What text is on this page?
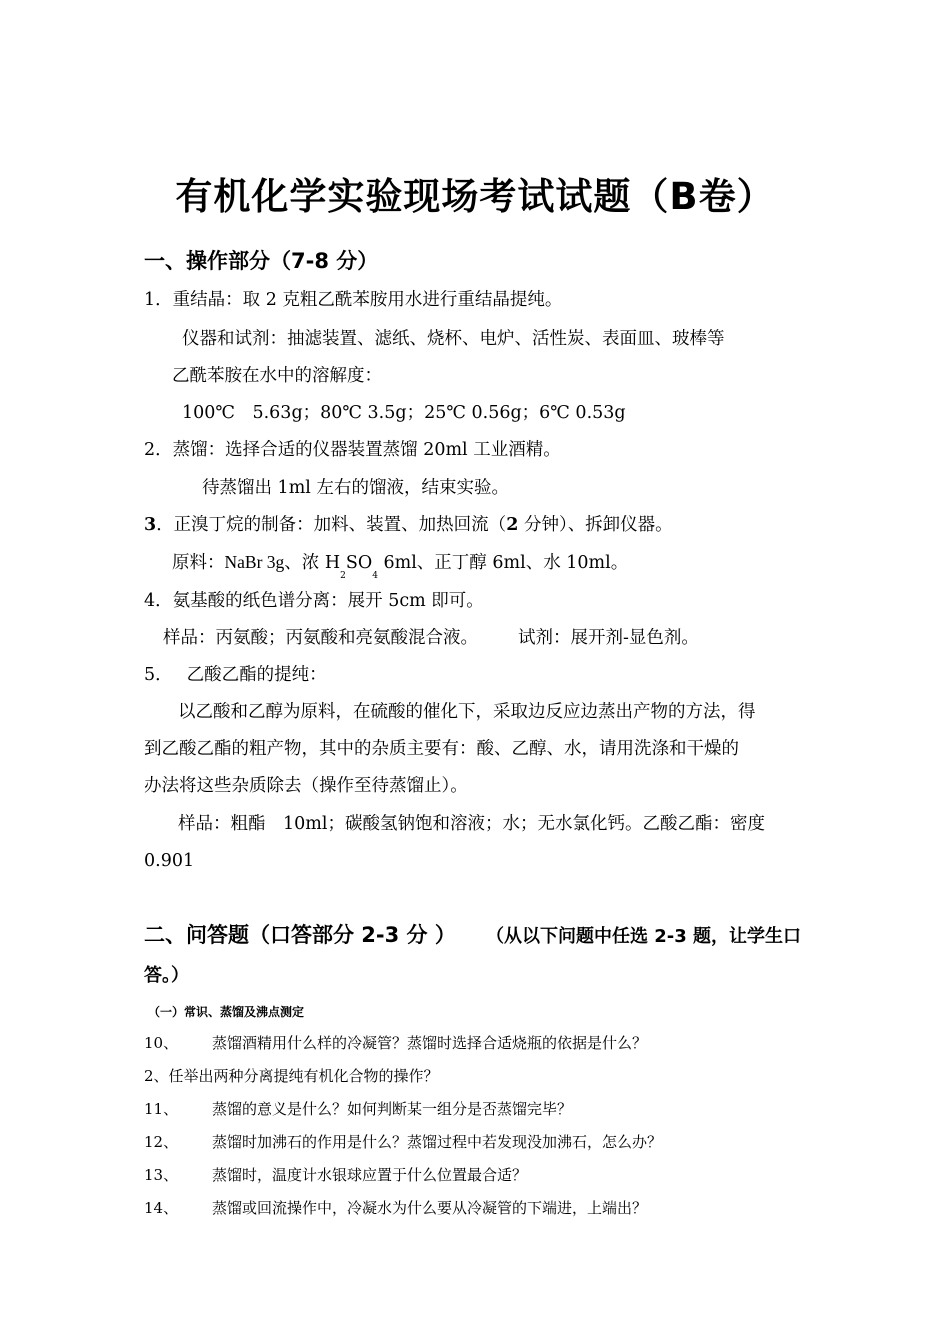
有机化学实验现场考试试题（B卷）
一、操作部分（7-8 分）
1．重结晶：取 2 克粗乙酰苯胺用水进行重结晶提纯。
仪器和试剂：抽滤装置、滤纸、烧杯、电炉、活性炭、表面皿、玻棒等
乙酰苯胺在水中的溶解度：
100℃　5.63g；80℃ 3.5g；25℃ 0.56g；6℃ 0.53g
2．蒸馏：选择合适的仪器装置蒸馏 20ml 工业酒精。
待蒸馏出 1ml 左右的馏液，结束实验。
3．正溴丁烷的制备：加料、装置、加热回流（2 分钟）、拆卸仪器。
原料：NaBr 3g、浓 $H_2SO_4$ 6ml、正丁醇 6ml、水 10ml。
4．氨基酸的纸色谱分离：展开 5cm 即可。
样品：丙氨酸；丙氨酸和亮氨酸混合液。 试剂：展开剂-显色剂。
5． 乙酸乙酯的提纯：
以乙酸和乙醇为原料，在硫酸的催化下，采取边反应边蒸出产物的方法，得
到乙酸乙酯的粗产物，其中的杂质主要有：酸、乙醇、水，请用洗涤和干燥的
办法将这些杂质除去（操作至待蒸馏止）。
样品：粗酯　10ml；碳酸氢钠饱和溶液；水；无水氯化钙。乙酸乙酯：密度
0.901
二、问答题（口答部分 2-3 分 ） （从以下问题中任选 2-3 题，让学生口
答。）
（一）常识、蒸馏及沸点测定
10、 蒸馏酒精用什么样的冷凝管？蒸馏时选择合适烧瓶的依据是什么？
2、任举出两种分离提纯有机化合物的操作？
11、 蒸馏的意义是什么？如何判断某一组分是否蒸馏完毕？
12、 蒸馏时加沸石的作用是什么？蒸馏过程中若发现没加沸石，怎么办？
13、 蒸馏时，温度计水银球应置于什么位置最合适？
14、 蒸馏或回流操作中，冷凝水为什么要从冷凝管的下端进，上端出？
